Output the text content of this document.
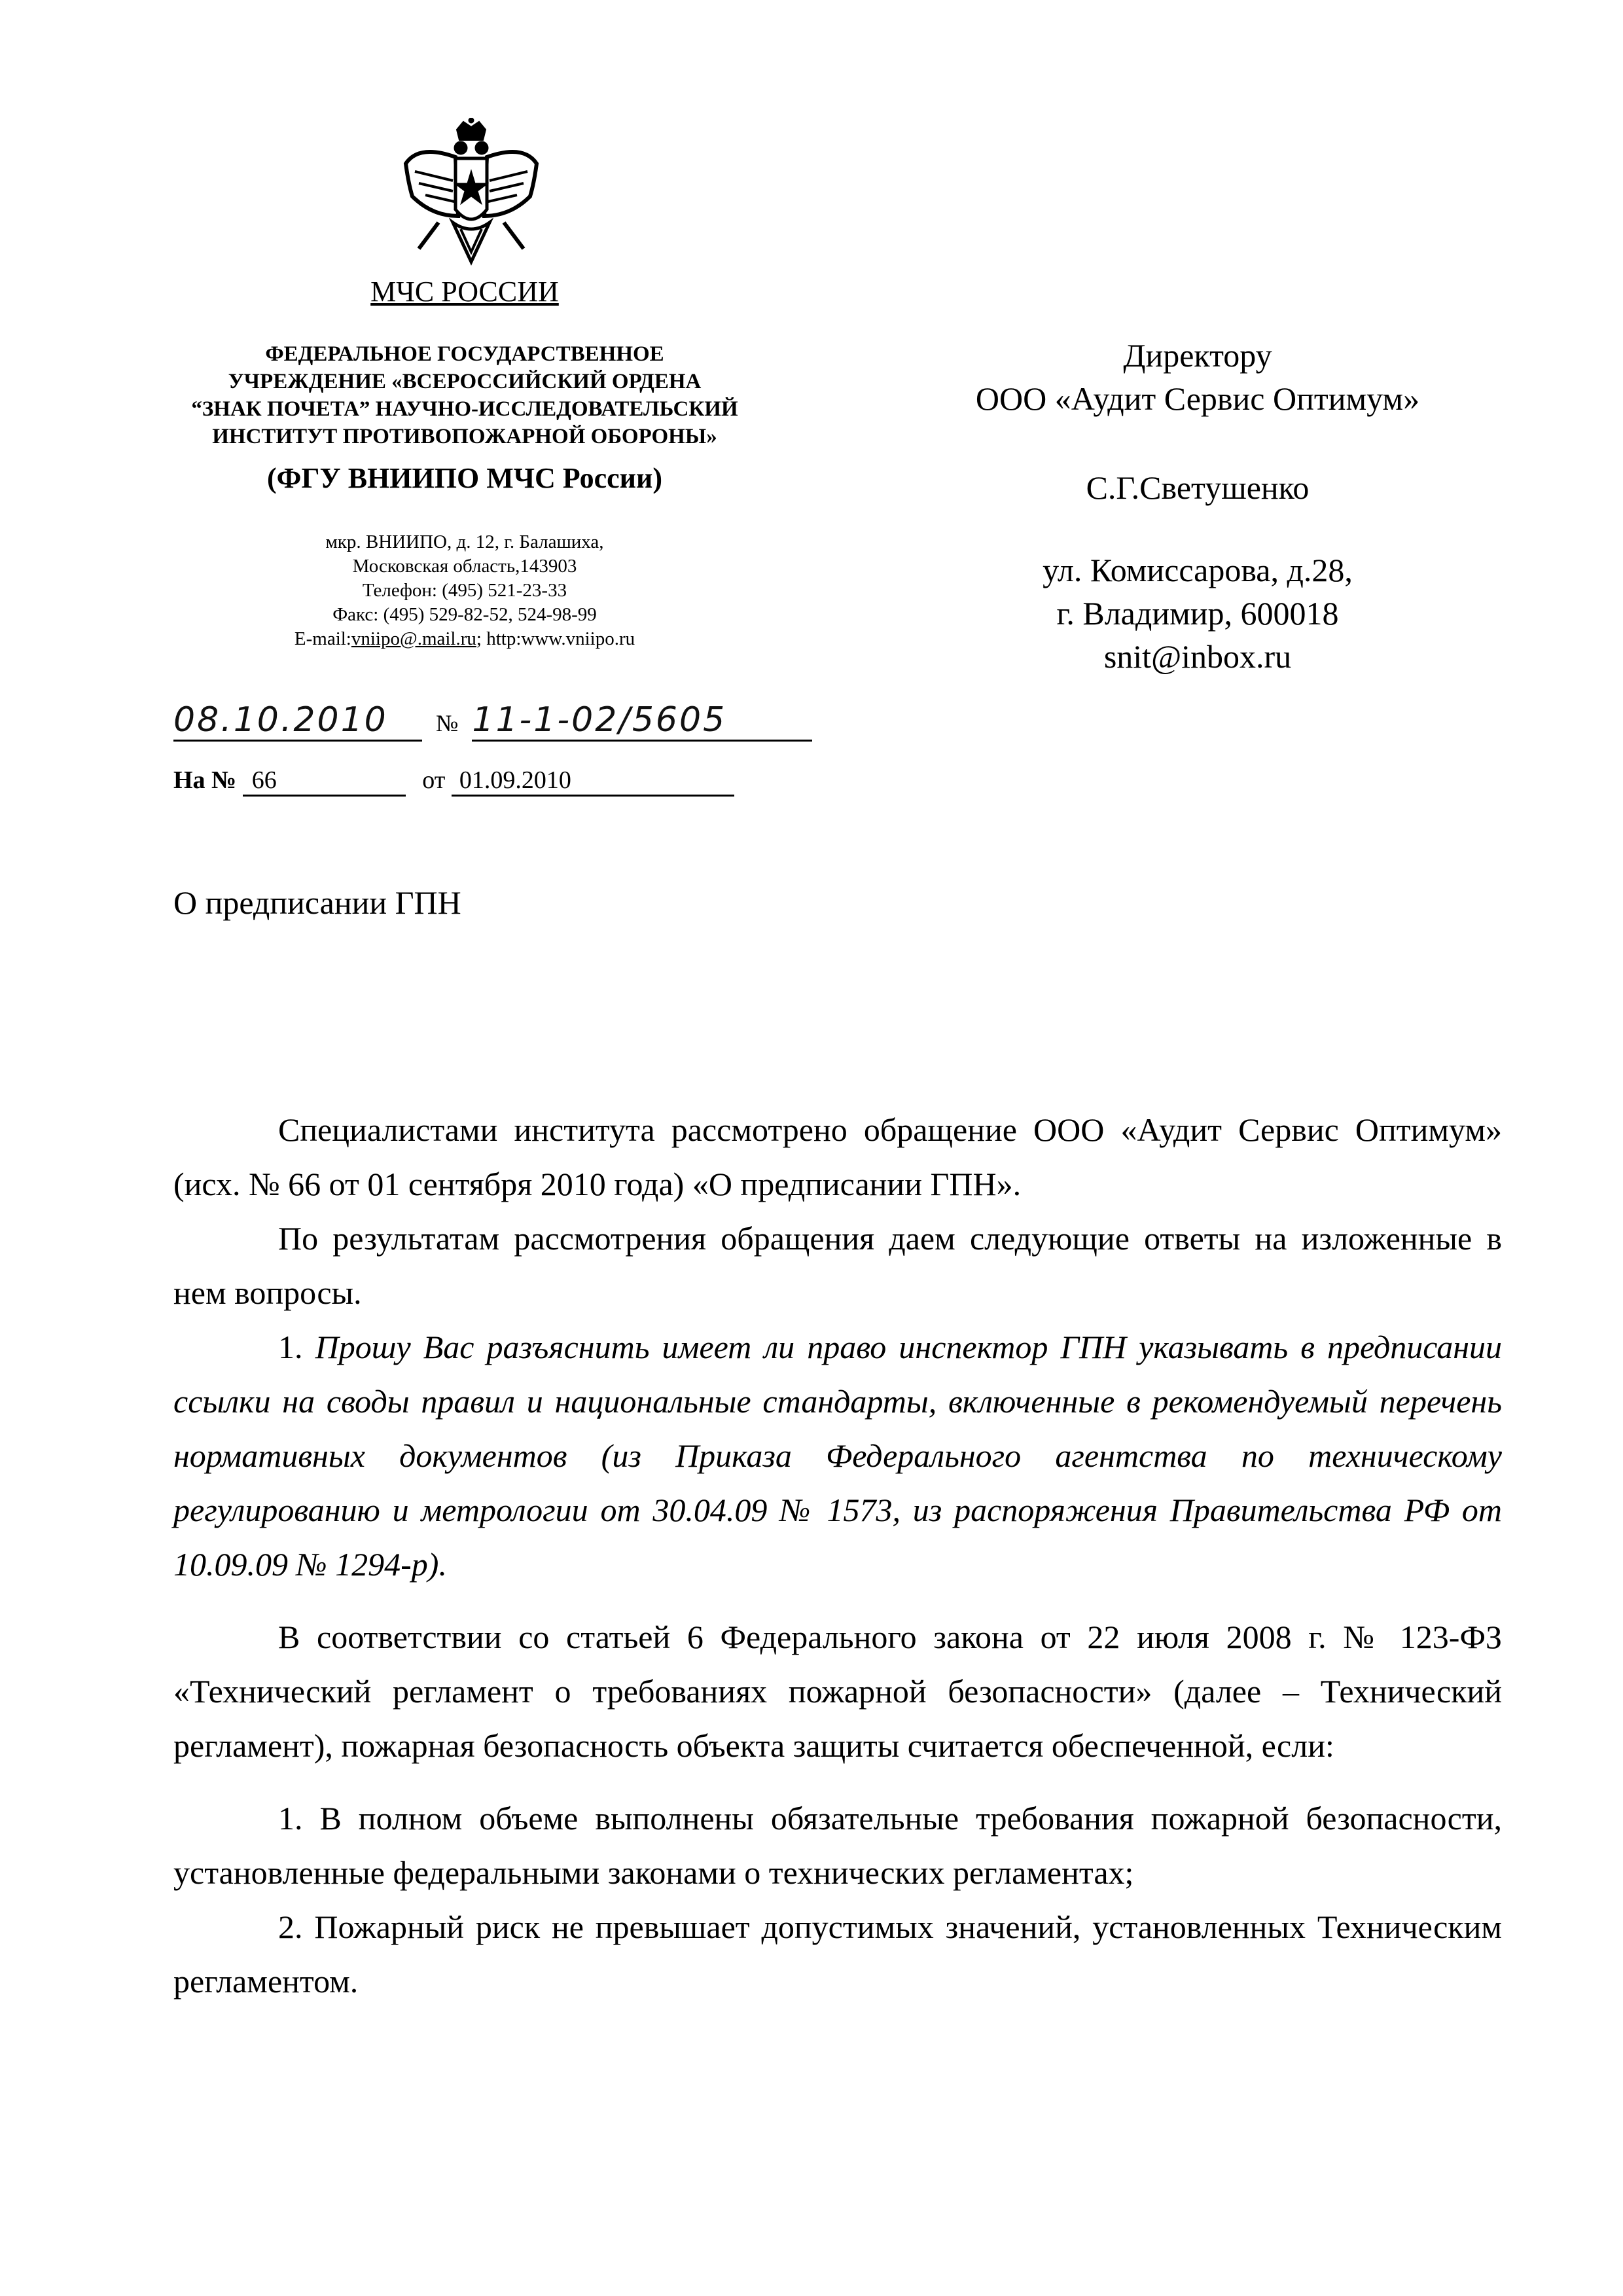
МЧС РОССИИ
ФЕДЕРАЛЬНОЕ ГОСУДАРСТВЕННОЕ
УЧРЕЖДЕНИЕ «ВСЕРОССИЙСКИЙ ОРДЕНА
“ЗНАК ПОЧЕТА” НАУЧНО-ИССЛЕДОВАТЕЛЬСКИЙ
ИНСТИТУТ ПРОТИВОПОЖАРНОЙ ОБОРОНЫ»
(ФГУ ВНИИПО МЧС России)
мкр. ВНИИПО, д. 12, г. Балашиха,
Московская область,143903
Телефон: (495) 521-23-33
Факс: (495) 529-82-52, 524-98-99
E-mail:vniipo@.mail.ru; http:www.vniipo.ru
08.10.2010 № 11-1-02/5605
На № 66	от 01.09.2010
Директору
ООО «Аудит Сервис Оптимум»
С.Г.Светушенко
ул. Комиссарова, д.28,
г. Владимир, 600018
snit@inbox.ru
О предписании ГПН

Специалистами института рассмотрено обращение ООО «Аудит Сервис Оптимум» (исх. № 66 от 01 сентября 2010 года) «О предписании ГПН».

По результатам рассмотрения обращения даем следующие ответы на изложенные в нем вопросы.

1. Прошу Вас разъяснить имеет ли право инспектор ГПН указывать в предписании ссылки на своды правил и национальные стандарты, включенные в рекомендуемый перечень нормативных документов (из Приказа Федерального агентства по техническому регулированию и метрологии от 30.04.09 № 1573, из распоряжения Правительства РФ от 10.09.09 № 1294-р).

В соответствии со статьей 6 Федерального закона от 22 июля 2008 г. № 123-ФЗ «Технический регламент о требованиях пожарной безопасности» (далее – Технический регламент), пожарная безопасность объекта защиты считается обеспеченной, если:

1. В полном объеме выполнены обязательные требования пожарной безопасности, установленные федеральными законами о технических регламентах;

2. Пожарный риск не превышает допустимых значений, установленных Техническим регламентом.
